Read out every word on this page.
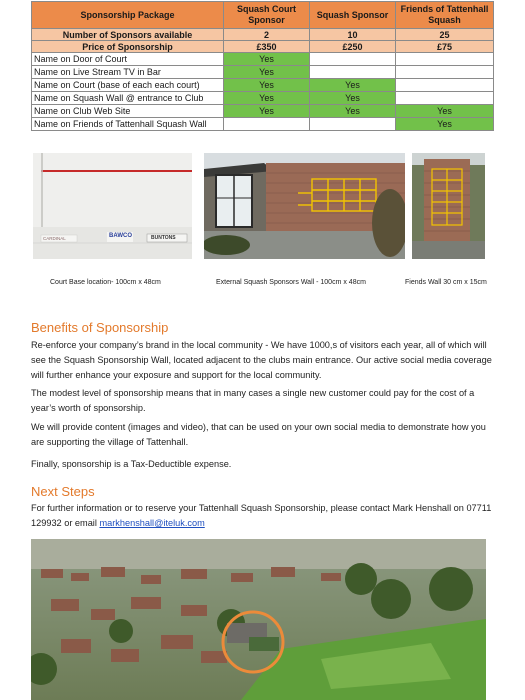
Sponsorship Package	Squash Court Sponsor	Squash Sponsor	Friends of Tattenhall Squash
Number of Sponsors available	2	10	25
Price of Sponsorship	£350	£250	£75
Name on Door of Court	Yes		
Name on Live Stream TV in Bar	Yes		
Name on Court (base of each each court)	Yes	Yes	
Name on Squash Wall @ entrance to Club	Yes	Yes	
Name on Club Web Site	Yes	Yes	Yes
Name on Friends of Tattenhall Squash Wall			Yes
CARDINAL	BAWCO	BUNTONS
Court Base location- 100cm x 48cm	External Squash Sponsors Wall - 100cm x 48cm	Fiends Wall 30 cm x 15cm
Benefits of Sponsorship

Re-enforce your company’s brand in the local community - We have 1000,s of visitors each year, all of which will see the Squash Sponsorship Wall, located adjacent to the clubs main entrance. Our active social media coverage will further enhance your exposure and support for the local community.

The modest level of sponsorship means that in many cases a single new customer could pay for the cost of a year’s worth of sponsorship.

We will provide content (images and video), that can be used on your own social media to demonstrate how you are supporting the village of Tattenhall.

Finally, sponsorship is a Tax-Deductible expense.

Next Steps

For further information or to reserve your Tattenhall Squash Sponsorship, please contact Mark Henshall on 07711 129932 or email markhenshall@iteluk.com
